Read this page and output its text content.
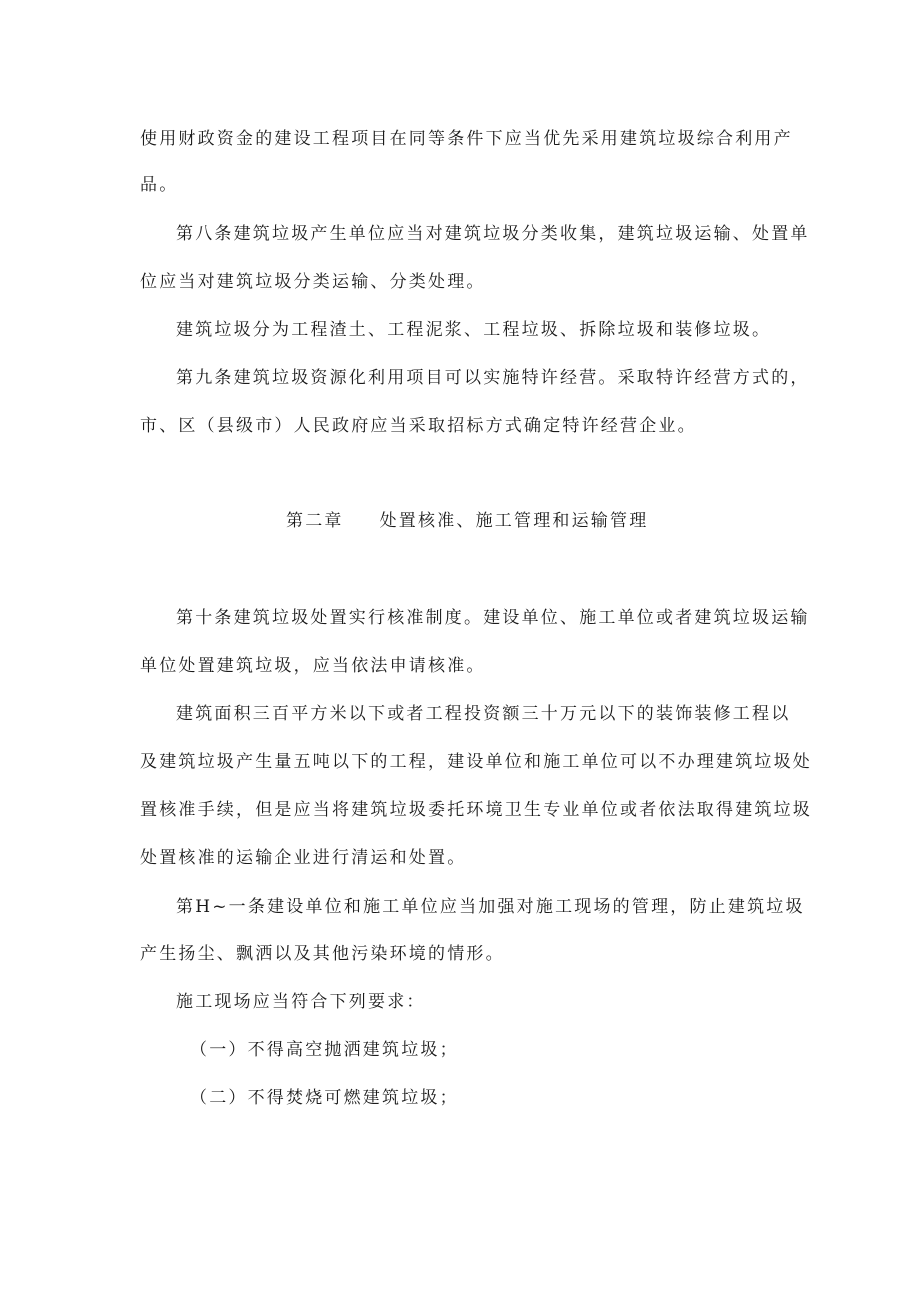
使用财政资金的建设工程项目在同等条件下应当优先采用建筑垃圾综合利用产
品。
第八条建筑垃圾产生单位应当对建筑垃圾分类收集，建筑垃圾运输、处置单
位应当对建筑垃圾分类运输、分类处理。
建筑垃圾分为工程渣土、工程泥浆、工程垃圾、拆除垃圾和装修垃圾。
第九条建筑垃圾资源化利用项目可以实施特许经营。采取特许经营方式的，
市、区（县级市）人民政府应当采取招标方式确定特许经营企业。
第二章 处置核准、施工管理和运输管理
第十条建筑垃圾处置实行核准制度。建设单位、施工单位或者建筑垃圾运输
单位处置建筑垃圾，应当依法申请核准。
建筑面积三百平方米以下或者工程投资额三十万元以下的装饰装修工程以
及建筑垃圾产生量五吨以下的工程，建设单位和施工单位可以不办理建筑垃圾处
置核准手续，但是应当将建筑垃圾委托环境卫生专业单位或者依法取得建筑垃圾
处置核准的运输企业进行清运和处置。
第H~一条建设单位和施工单位应当加强对施工现场的管理，防止建筑垃圾
产生扬尘、飘洒以及其他污染环境的情形。
施工现场应当符合下列要求：
（一）不得高空抛洒建筑垃圾；
（二）不得焚烧可燃建筑垃圾；
